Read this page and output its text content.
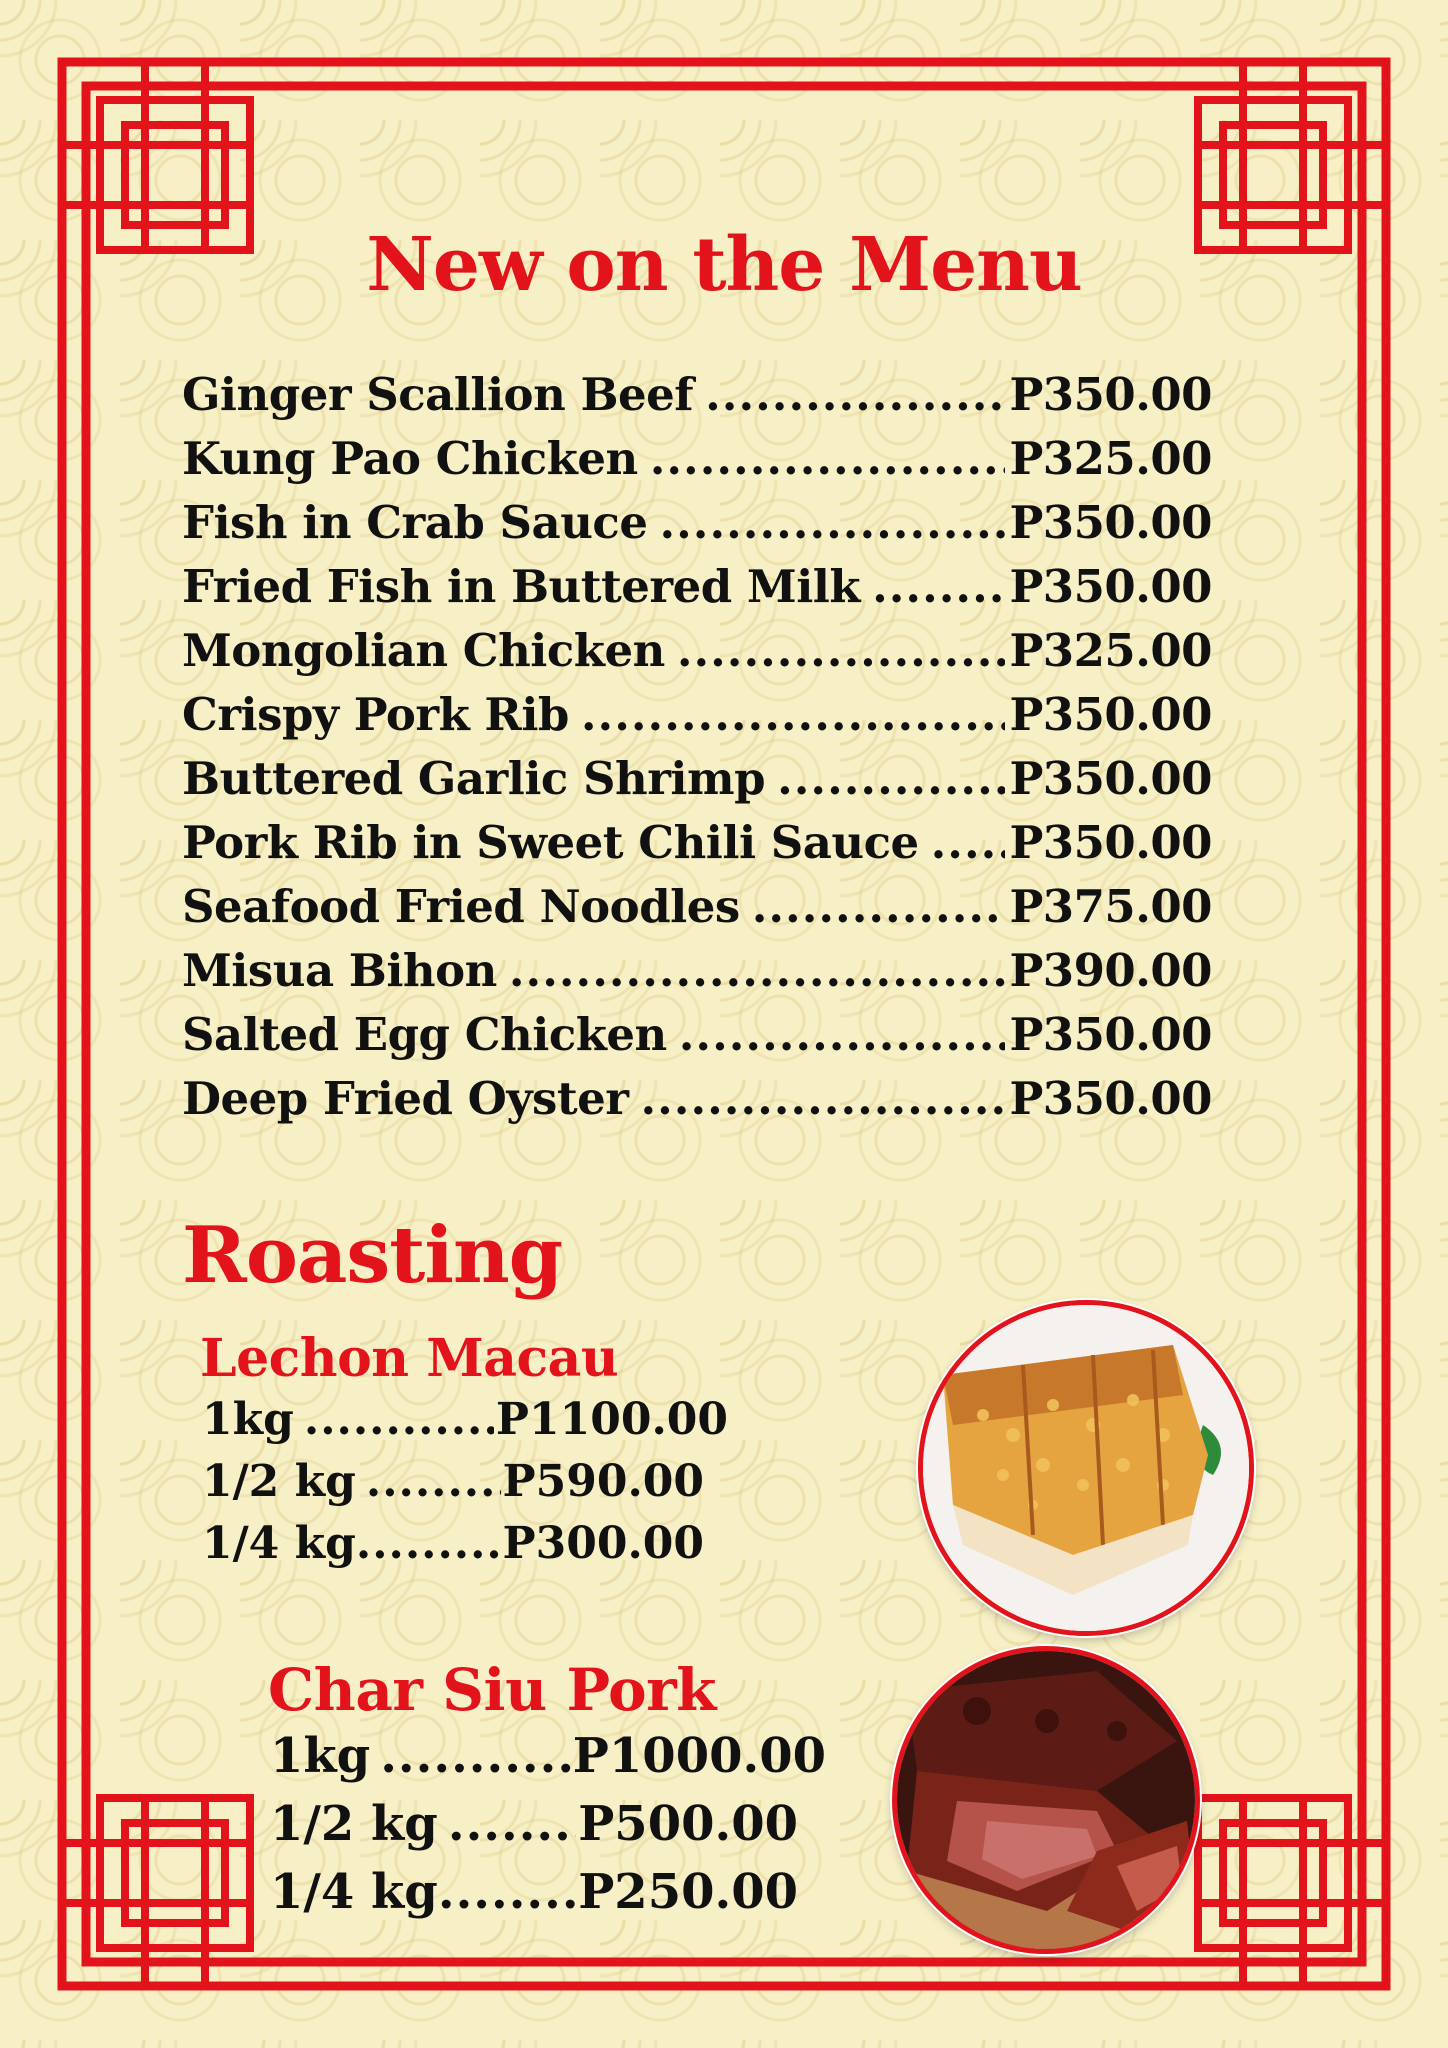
New on the Menu
Ginger Scallion Beef .....	P350.00
Kung Pao Chicken .....	P325.00
Fish in Crab Sauce .....	P350.00
Fried Fish in Buttered Milk .....	P350.00
Mongolian Chicken .....	P325.00
Crispy Pork Rib .....	P350.00
Buttered Garlic Shrimp .....	P350.00
Pork Rib in Sweet Chili Sauce ..... P350.00
Seafood Fried Noodles .....	P375.00
Misua Bihon .....	P390.00
Salted Egg Chicken .....	P350.00
Deep Fried Oyster .....	P350.00
Roasting
Lechon Macau
1kg .....	P1100.00
1/2 kg .....	P590.00
1/4 kg .....	P300.00
Char Siu Pork
1kg .....	P1000.00
1/2 kg .....	P500.00
1/4 kg .....	P250.00
